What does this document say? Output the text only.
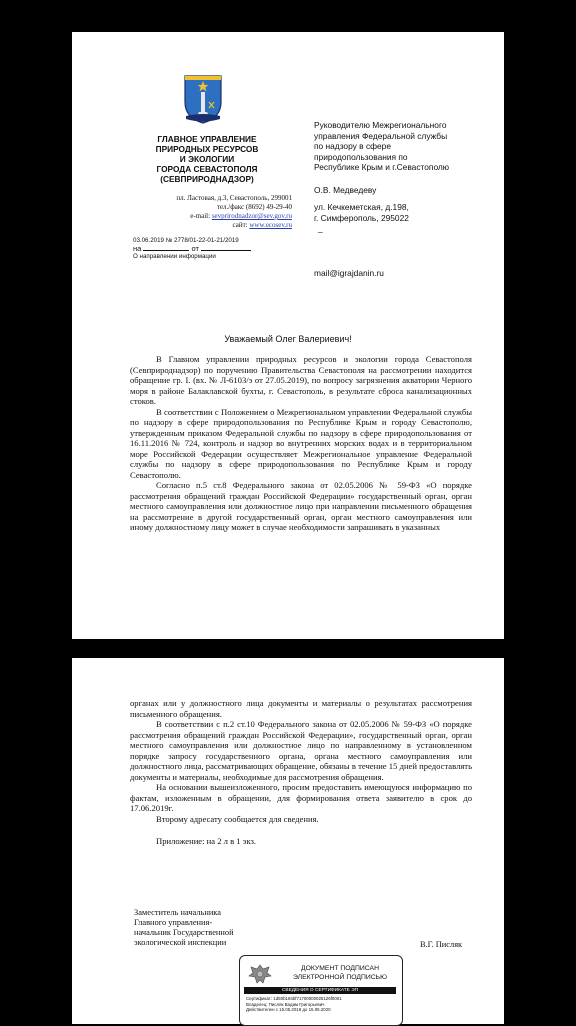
ГЛАВНОЕ УПРАВЛЕНИЕ
ПРИРОДНЫХ РЕСУРСОВ
И ЭКОЛОГИИ
ГОРОДА СЕВАСТОПОЛЯ
(СЕВПРИРОДНАДЗОР)
пл. Ластовая, д.3, Севастополь, 299001
тел./факс (8692) 49-29-40
e-mail: sevprirodnadzor@sev.gov.ru
сайт: www.ecosev.ru
03.06.2019 № 2778/01-22-01-21/2019
на	от
О направлении информации
Руководителю Межрегионального
управления Федеральной службы
по надзору в сфере
природопользования по
Республике Крым и г.Севастополю
О.В. Медведеву
ул. Кечкеметская, д.198,
г. Симферополь, 295022
_
mail@igrajdanin.ru
Уважаемый Олег Валериевич!

В Главном управлении природных ресурсов и экологии города Севастополя (Севприроднадзор) по поручению Правительства Севастополя на рассмотрении находится обращение гр. І. (вх. № Л-6103/э от 27.05.2019), по вопросу загрязнения акватории Черного моря в районе Балаклавской бухты, г. Севастополь, в результате сброса канализационных стоков.

В соответствии с Положением о Межрегиональном управлении Федеральной службы по надзору в сфере природопользования по Республике Крым и городу Севастополю, утвержденным приказом Федеральной службы по надзору в сфере природопользования от 16.11.2016 № 724, контроль и надзор во внутренних морских водах и в территориальном море Российской Федерации осуществляет Межрегиональное управление Федеральной службы по надзору в сфере природопользования по Республике Крым и городу Севастополю.

Согласно п.5 ст.8 Федерального закона от 02.05.2006 № 59-ФЗ «О порядке рассмотрения обращений граждан Российской Федерации» государственный орган, орган местного самоуправления или должностное лицо при направлении письменного обращения на рассмотрение в другой государственный орган, орган местного самоуправления или иному должностному лицу может в случае необходимости запрашивать в указанных

органах или у должностного лица документы и материалы о результатах рассмотрения письменного обращения.

В соответствии с п.2 ст.10 Федерального закона от 02.05.2006 № 59-ФЗ «О порядке рассмотрения обращений граждан Российской Федерации», государственный орган, орган местного самоуправления или должностное лицо по направленному в установленном порядке запросу государственного органа, органа местного самоуправления или должностного лица, рассматривающих обращение, обязаны в течение 15 дней предоставлять документы и материалы, необходимые для рассмотрения обращения.

На основании вышеизложенного, просим предоставить имеющуюся информацию по фактам, изложенным в обращении, для формирования ответа заявителю в срок до 17.06.2019г.

Второму адресату сообщается для сведения.

Приложение: на 2 л в 1 экз.

Заместитель начальника
Главного управления-
начальник Государственной
экологической инспекции	В.Г. Писляк
ДОКУМЕНТ ПОДПИСАН
ЭЛЕКТРОННОЙ ПОДПИСЬЮ
СВЕДЕНИЯ О СЕРТИФИКАТЕ ЭП
Сертификат: 1d50b184bf71700000025126f0001
Владелец: Писляк Вадим Григорьевич
Действителен с 15.05.2019 до 15.05.2020
